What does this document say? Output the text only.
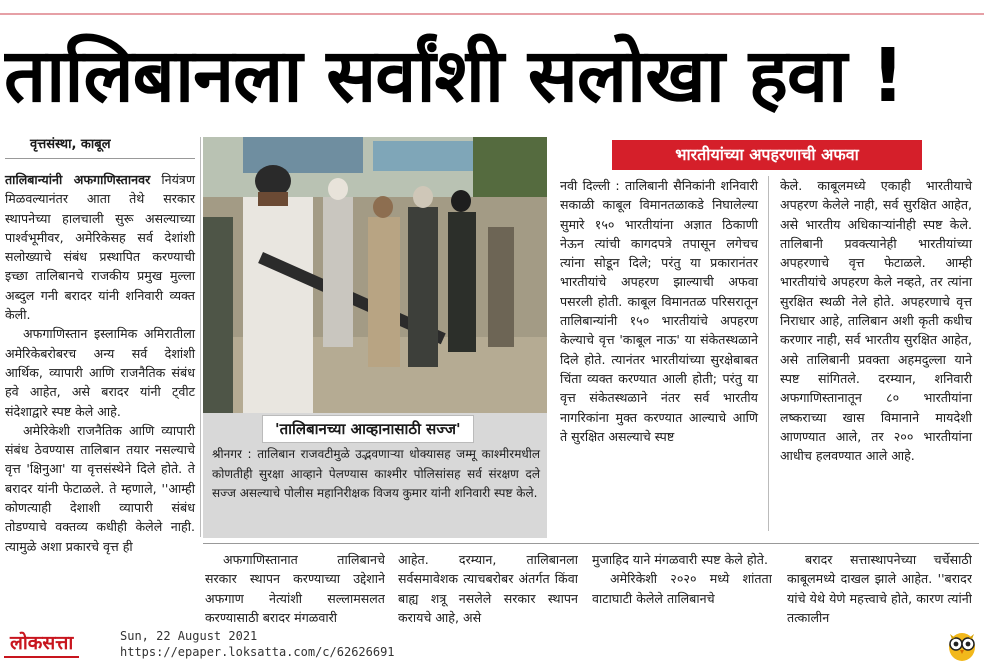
तालिबानला सर्वांशी सलोखा हवा !
वृत्तसंस्था, काबूल

तालिबान्यांनी अफगाणिस्तानवर नियंत्रण मिळवल्यानंतर आता तेथे सरकार स्थापनेच्या हालचाली सुरू असल्याच्या पार्श्वभूमीवर, अमेरिकेसह सर्व देशांशी सलोख्याचे संबंध प्रस्थापित करण्याची इच्छा तालिबानचे राजकीय प्रमुख मुल्ला अब्दुल गनी बरादर यांनी शनिवारी व्यक्त केली.

अफगाणिस्तान इस्लामिक अमिरातीला अमेरिकेबरोबरच अन्य सर्व देशांशी आर्थिक, व्यापारी आणि राजनैतिक संबंध हवे आहेत, असे बरादर यांनी ट्वीट संदेशाद्वारे स्पष्ट केले आहे.

अमेरिकेशी राजनैतिक आणि व्यापारी संबंध ठेवण्यास तालिबान तयार नसल्याचे वृत्त 'क्षिनुआ' या वृत्तसंस्थेने दिले होते. ते बरादर यांनी फेटाळले. ते म्हणाले, ''आम्ही कोणत्याही देशाशी व्यापारी संबंध तोडण्याचे वक्तव्य कधीही केलेले नाही. त्यामुळे अशा प्रकारचे वृत्त ही

'तालिबानच्या आव्हानासाठी सज्ज'
श्रीनगर : तालिबान राजवटीमुळे उद्भवणाऱ्या धोक्यासह जम्मू काश्मीरमधील कोणतीही सुरक्षा आव्हाने पेलण्यास काश्मीर पोलिसांसह सर्व संरक्षण दले सज्ज असल्याचे पोलीस महानिरीक्षक विजय कुमार यांनी शनिवारी स्पष्ट केले.
भारतीयांच्या अपहरणाची अफवा
नवी दिल्ली : तालिबानी सैनिकांनी शनिवारी सकाळी काबूल विमानतळाकडे निघालेल्या सुमारे १५० भारतीयांना अज्ञात ठिकाणी नेऊन त्यांची कागदपत्रे तपासून लगेचच त्यांना सोडून दिले; परंतु या प्रकारानंतर भारतीयांचे अपहरण झाल्याची अफवा पसरली होती. काबूल विमानतळ परिसरातून तालिबान्यांनी १५० भारतीयांचे अपहरण केल्याचे वृत्त 'काबूल नाऊ' या संकेतस्थळाने दिले होते. त्यानंतर भारतीयांच्या सुरक्षेबाबत चिंता व्यक्त करण्यात आली होती; परंतु या वृत्त संकेतस्थळाने नंतर सर्व भारतीय नागरिकांना मुक्त करण्यात आल्याचे आणि ते सुरक्षित असल्याचे स्पष्ट
केले. काबूलमध्ये एकाही भारतीयाचे अपहरण केलेले नाही, सर्व सुरक्षित आहेत, असे भारतीय अधिकाऱ्यांनीही स्पष्ट केले. तालिबानी प्रवक्त्यानेही भारतीयांच्या अपहरणाचे वृत्त फेटाळले. आम्ही भारतीयांचे अपहरण केले नव्हते, तर त्यांना सुरक्षित स्थळी नेले होते. अपहरणाचे वृत्त निराधार आहे, तालिबान अशी कृती कधीच करणार नाही, सर्व भारतीय सुरक्षित आहेत, असे तालिबानी प्रवक्ता अहमदुल्ला याने स्पष्ट सांगितले. दरम्यान, शनिवारी अफगाणिस्तानातून ८० भारतीयांना लष्कराच्या खास विमानाने मायदेशी आणण्यात आले, तर २०० भारतीयांना आधीच हलवण्यात आले आहे.

अफगाणिस्तानात तालिबानचे सरकार स्थापन करण्याच्या उद्देशाने अफगाण नेत्यांशी सल्लामसलत करण्यासाठी बरादर मंगळवारी

आहेत. दरम्यान, तालिबानला सर्वसमावेशक त्याचबरोबर अंतर्गत किंवा बाह्य शत्रू नसलेले सरकार स्थापन करायचे आहे, असे

मुजाहिद याने मंगळवारी स्पष्ट केले होते.

अमेरिकेशी २०२० मध्ये शांतता वाटाघाटी केलेले तालिबानचे

बरादर सत्तास्थापनेच्या चर्चेसाठी काबूलमध्ये दाखल झाले आहेत. ''बरादर यांचे येथे येणे महत्त्वाचे होते, कारण त्यांनी तत्कालीन

लोकसत्ता	Sun, 22 August 2021
https://epaper.loksatta.com/c/62626691
